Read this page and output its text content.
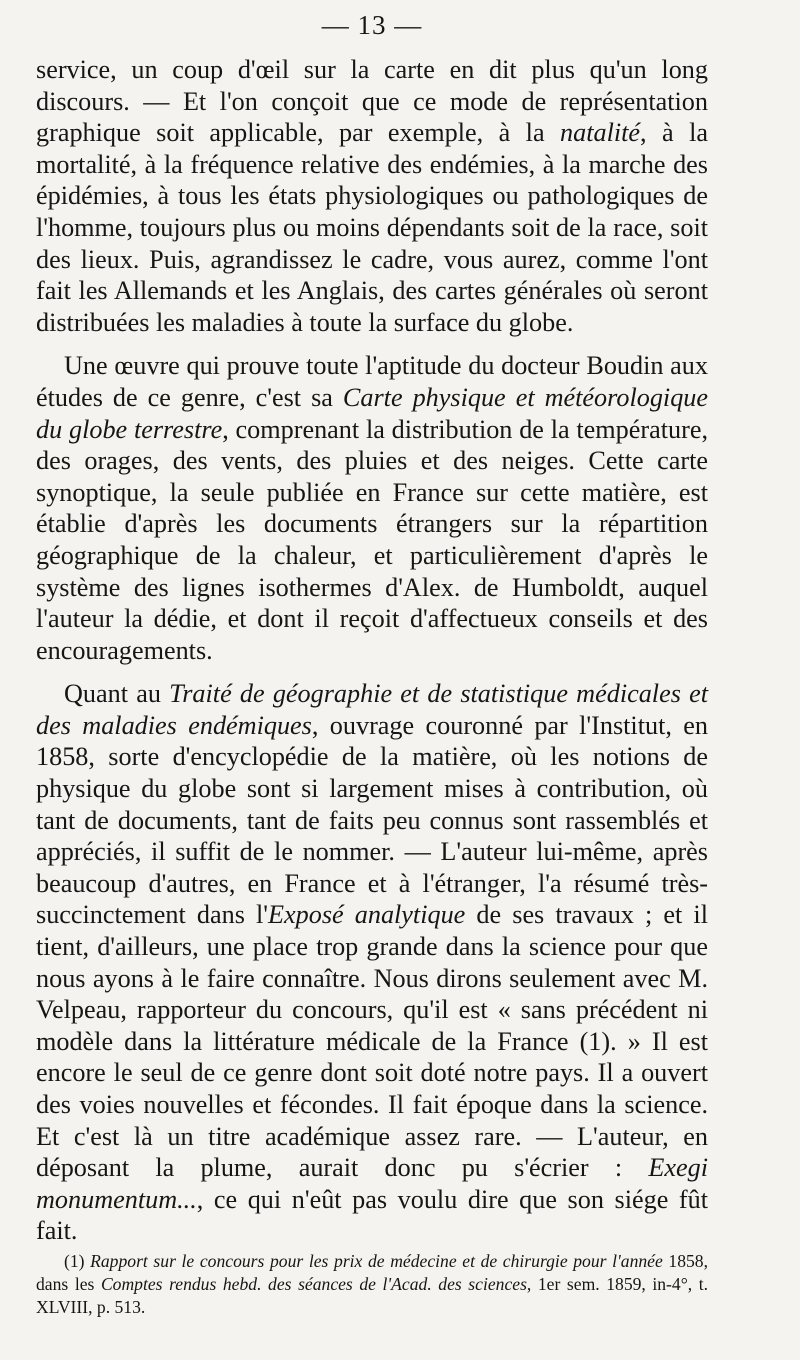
— 13 —

service, un coup d'œil sur la carte en dit plus qu'un long discours. — Et l'on conçoit que ce mode de représentation graphique soit applicable, par exemple, à la natalité, à la mortalité, à la fréquence relative des endémies, à la marche des épidémies, à tous les états physiologiques ou pathologiques de l'homme, toujours plus ou moins dépendants soit de la race, soit des lieux. Puis, agrandissez le cadre, vous aurez, comme l'ont fait les Allemands et les Anglais, des cartes générales où seront distribuées les maladies à toute la surface du globe.

Une œuvre qui prouve toute l'aptitude du docteur Boudin aux études de ce genre, c'est sa Carte physique et météorologique du globe terrestre, comprenant la distribution de la température, des orages, des vents, des pluies et des neiges. Cette carte synoptique, la seule publiée en France sur cette matière, est établie d'après les documents étrangers sur la répartition géographique de la chaleur, et particulièrement d'après le système des lignes isothermes d'Alex. de Humboldt, auquel l'auteur la dédie, et dont il reçoit d'affectueux conseils et des encouragements.

Quant au Traité de géographie et de statistique médicales et des maladies endémiques, ouvrage couronné par l'Institut, en 1858, sorte d'encyclopédie de la matière, où les notions de physique du globe sont si largement mises à contribution, où tant de documents, tant de faits peu connus sont rassemblés et appréciés, il suffit de le nommer. — L'auteur lui-même, après beaucoup d'autres, en France et à l'étranger, l'a résumé très-succinctement dans l'Exposé analytique de ses travaux ; et il tient, d'ailleurs, une place trop grande dans la science pour que nous ayons à le faire connaître. Nous dirons seulement avec M. Velpeau, rapporteur du concours, qu'il est « sans précédent ni modèle dans la littérature médicale de la France (1). » Il est encore le seul de ce genre dont soit doté notre pays. Il a ouvert des voies nouvelles et fécondes. Il fait époque dans la science. Et c'est là un titre académique assez rare. — L'auteur, en déposant la plume, aurait donc pu s'écrier : Exegi monumentum..., ce qui n'eût pas voulu dire que son siége fût fait.

(1) Rapport sur le concours pour les prix de médecine et de chirurgie pour l'année 1858, dans les Comptes rendus hebd. des séances de l'Acad. des sciences, 1er sem. 1859, in-4°, t. XLVIII, p. 513.
